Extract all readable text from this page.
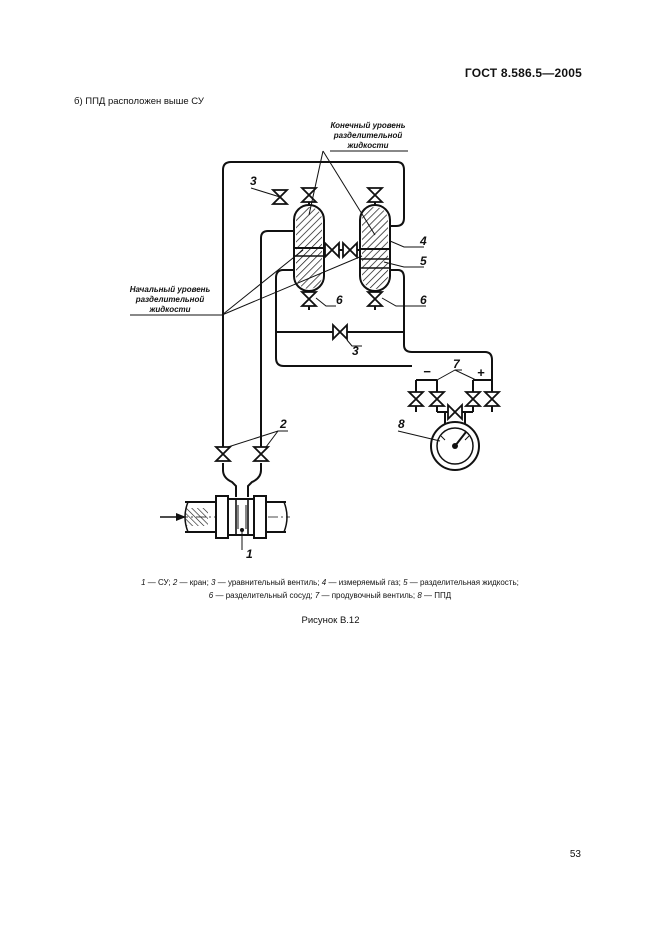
ГОСТ 8.586.5—2005
б) ППД расположен выше СУ
Конечный уровень
разделительной
жидкости
Начальный уровень
разделительной
жидкости
3
4
5
6	6
3
7
−	+
2	8
1
1 — СУ; 2 — кран; 3 — уравнительный вентиль; 4 — измеряемый газ; 5 — разделительная жидкость;
6 — разделительный сосуд; 7 — продувочный вентиль; 8 — ППД
Рисунок В.12
53
